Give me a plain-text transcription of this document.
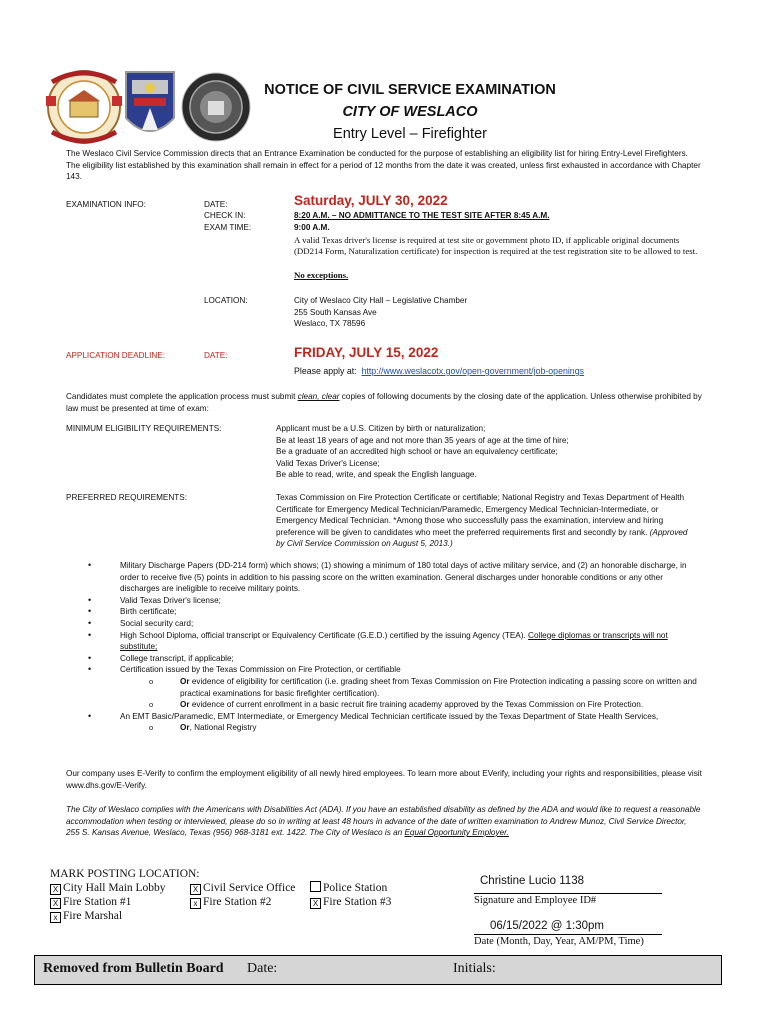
NOTICE OF CIVIL SERVICE EXAMINATION
CITY OF WESLACO
Entry Level – Firefighter
The Weslaco Civil Service Commission directs that an Entrance Examination be conducted for the purpose of establishing an eligibility list for hiring Entry-Level Firefighters. The eligibility list established by this examination shall remain in effect for a period of 12 months from the date it was created, unless first exhausted in accordance with Chapter 143.
EXAMINATION INFO:	DATE:	Saturday, JULY 30, 2022
CHECK IN:	8:20 A.M. – NO ADMITTANCE TO THE TEST SITE AFTER 8:45 A.M.
EXAM TIME:	9:00 A.M.
A valid Texas driver's license is required at test site or government photo ID, if applicable original documents (DD214 Form, Naturalization certificate) for inspection is required at the test registration site to be allowed to test.
No exceptions.
LOCATION:	City of Weslaco City Hall – Legislative Chamber
255 South Kansas Ave
Weslaco, TX 78596
APPLICATION DEADLINE:	DATE:	FRIDAY, JULY 15, 2022
Please apply at: http://www.weslacotx.gov/open-government/job-openings
Candidates must complete the application process must submit clean, clear copies of following documents by the closing date of the application. Unless otherwise prohibited by law must be presented at time of exam:
MINIMUM ELIGIBILITY REQUIREMENTS:	Applicant must be a U.S. Citizen by birth or naturalization;
Be at least 18 years of age and not more than 35 years of age at the time of hire;
Be a graduate of an accredited high school or have an equivalency certificate;
Valid Texas Driver's License;
Be able to read, write, and speak the English language.
PREFERRED REQUIREMENTS:	Texas Commission on Fire Protection Certificate or certifiable; National Registry and Texas Department of Health Certificate for Emergency Medical Technician/Paramedic, Emergency Medical Technician-Intermediate, or Emergency Medical Technician. *Among those who successfully pass the examination, interview and hiring preference will be given to candidates who meet the preferred requirements first and secondly by rank. (Approved by Civil Service Commission on August 5, 2013.)
• Military Discharge Papers (DD-214 form) which shows; (1) showing a minimum of 180 total days of active military service, and (2) an honorable discharge, in order to receive five (5) points in addition to his passing score on the written examination. General discharges under honorable conditions or any other discharges are ineligible to receive military points.
• Valid Texas Driver's license;
• Birth certificate;
• Social security card;
• High School Diploma, official transcript or Equivalency Certificate (G.E.D.) certified by the issuing Agency (TEA). College diplomas or transcripts will not substitute;
• College transcript, if applicable;
• Certification issued by the Texas Commission on Fire Protection, or certifiable
o Or evidence of eligibility for certification (i.e. grading sheet from Texas Commission on Fire Protection indicating a passing score on written and practical examinations for basic firefighter certification).
o Or evidence of current enrollment in a basic recruit fire training academy approved by the Texas Commission on Fire Protection.
• An EMT Basic/Paramedic, EMT Intermediate, or Emergency Medical Technician certificate issued by the Texas Department of State Health Services,
o Or, National Registry
Our company uses E-Verify to confirm the employment eligibility of all newly hired employees. To learn more about EVerify, including your rights and responsibilities, please visit www.dhs.gov/E-Verify.
The City of Weslaco complies with the Americans with Disabilities Act (ADA). If you have an established disability as defined by the ADA and would like to request a reasonable accommodation when testing or interviewed, please do so in writing at least 48 hours in advance of the date of written examination to Andrew Munoz, Civil Service Director, 255 S. Kansas Avenue, Weslaco, Texas (956) 968-3181 ext. 1422. The City of Weslaco is an Equal Opportunity Employer.
MARK POSTING LOCATION:
X City Hall Main Lobby	X Civil Service Office	Police Station
X Fire Station #1	x Fire Station #2	X Fire Station #3
x Fire Marshal
Christine Lucio 1138
Signature and Employee ID#
06/15/2022 @ 1:30pm
Date (Month, Day, Year, AM/PM, Time)
Removed from Bulletin Board Date:	Initials:
